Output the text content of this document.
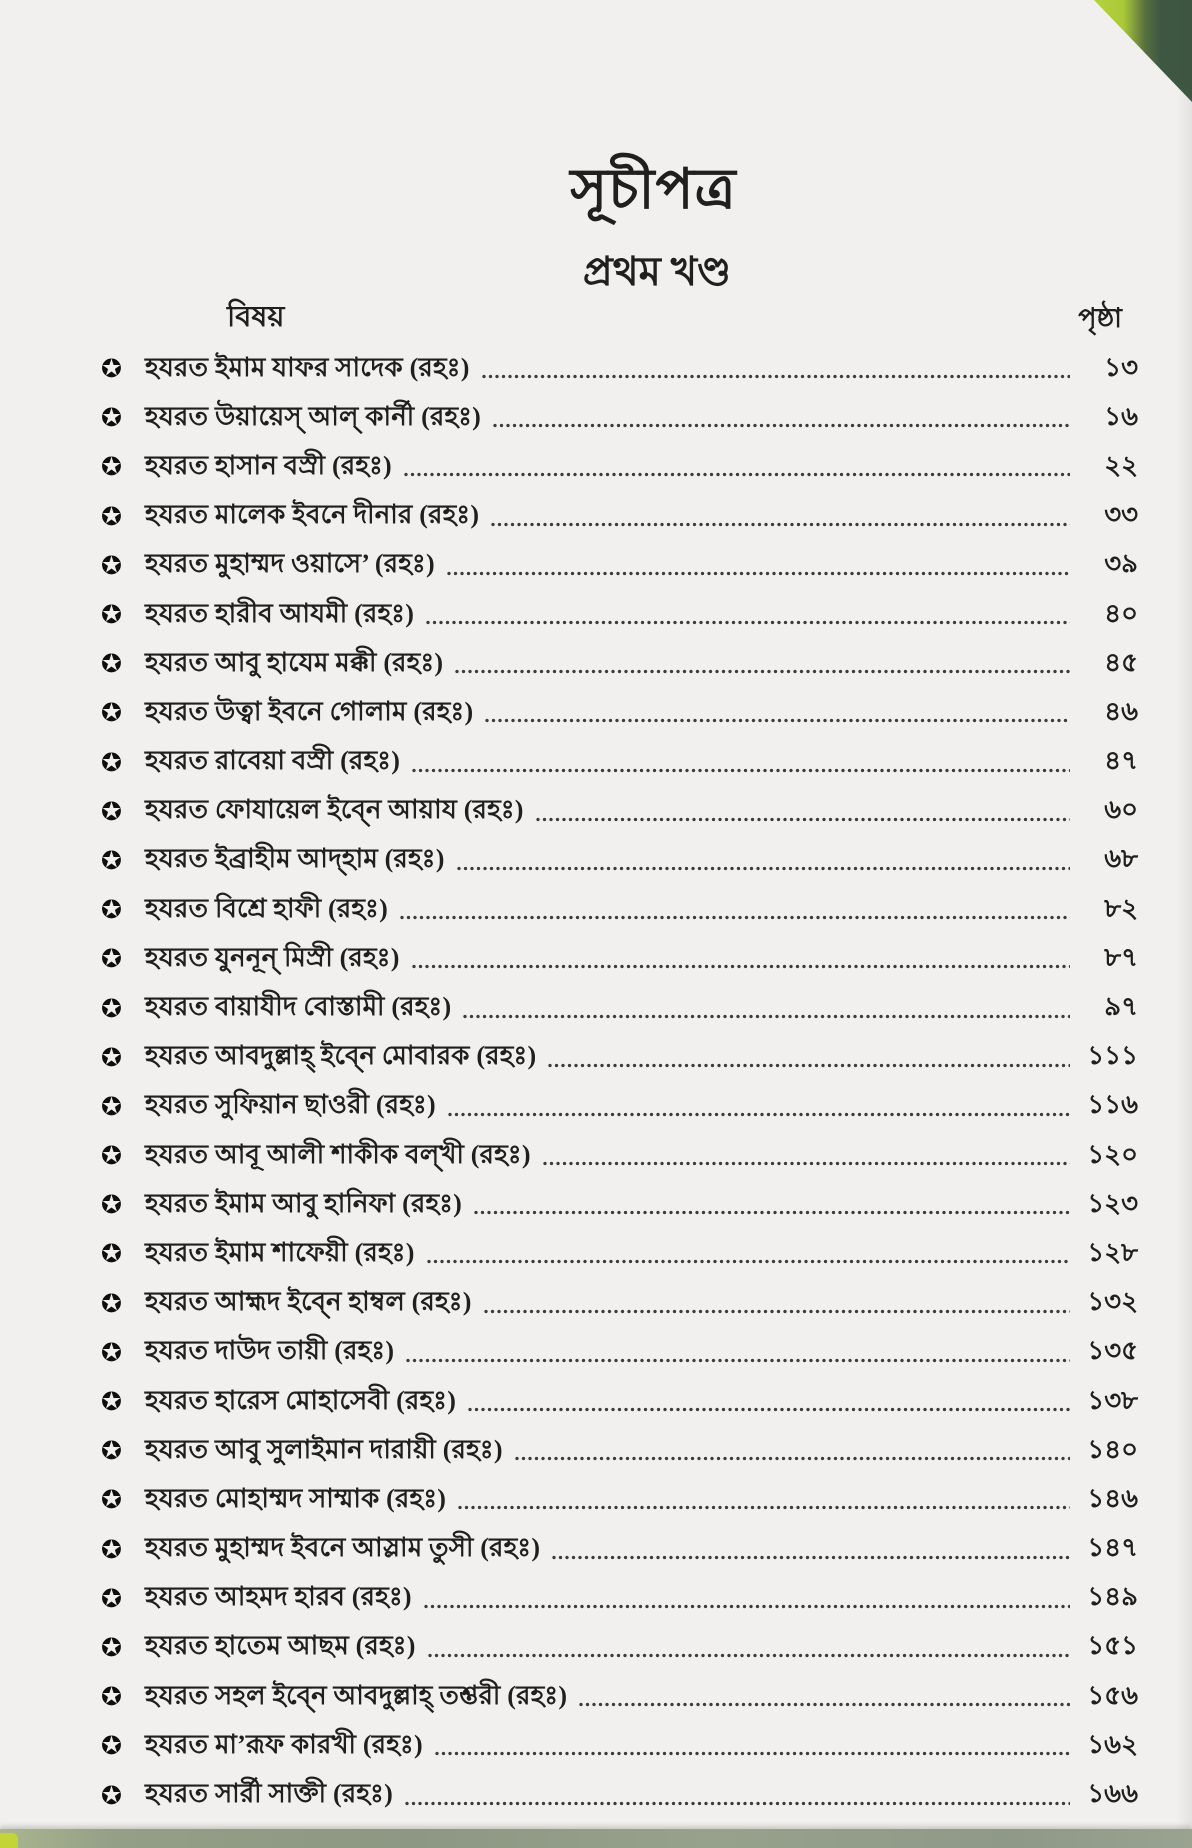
সূচীপত্র
প্রথম খণ্ড
বিষয়	পৃষ্ঠা
✪ হযরত ইমাম যাফর সাদেক (রহঃ)	১৩
✪ হযরত উয়ায়েস্ আল্ কার্নী (রহঃ)	১৬
✪ হযরত হাসান বস্রী (রহঃ)	২২
✪ হযরত মালেক ইবনে দীনার (রহঃ)	৩৩
✪ হযরত মুহাম্মদ ওয়াসে’ (রহঃ)	৩৯
✪ হযরত হারীব আযমী (রহঃ)	৪০
✪ হযরত আবু হাযেম মক্কী (রহঃ)	৪৫
✪ হযরত উত্বা ইবনে গোলাম (রহঃ)	৪৬
✪ হযরত রাবেয়া বস্রী (রহঃ)	৪৭
✪ হযরত ফোযায়েল ইব্নে আয়ায (রহঃ)	৬০
✪ হযরত ইব্রাহীম আদ্হাম (রহঃ)	৬৮
✪ হযরত বিশ্রে হাফী (রহঃ)	৮২
✪ হযরত যুননূন্ মিস্রী (রহঃ)	৮৭
✪ হযরত বায়াযীদ বোস্তামী (রহঃ)	৯৭
✪ হযরত আবদুল্লাহ্ ইব্নে মোবারক (রহঃ)	১১১
✪ হযরত সুফিয়ান ছাওরী (রহঃ)	১১৬
✪ হযরত আবূ আলী শাকীক বল্খী (রহঃ)	১২০
✪ হযরত ইমাম আবু হানিফা (রহঃ)	১২৩
✪ হযরত ইমাম শাফেয়ী (রহঃ)	১২৮
✪ হযরত আহ্মদ ইব্নে হাম্বল (রহঃ)	১৩২
✪ হযরত দাউদ তায়ী (রহঃ)	১৩৫
✪ হযরত হারেস মোহাসেবী (রহঃ)	১৩৮
✪ হযরত আবু সুলাইমান দারায়ী (রহঃ)	১৪০
✪ হযরত মোহাম্মদ সাম্মাক (রহঃ)	১৪৬
✪ হযরত মুহাম্মদ ইবনে আস্লাম তুসী (রহঃ)	১৪৭
✪ হযরত আহমদ হারব (রহঃ)	১৪৯
✪ হযরত হাতেম আছম (রহঃ)	১৫১
✪ হযরত সহল ইব্নে আবদুল্লাহ্ তশ্তরী (রহঃ)	১৫৬
✪ হযরত মা’রূফ কারখী (রহঃ)	১৬২
✪ হযরত সার্রী সাক্তী (রহঃ)	১৬৬
